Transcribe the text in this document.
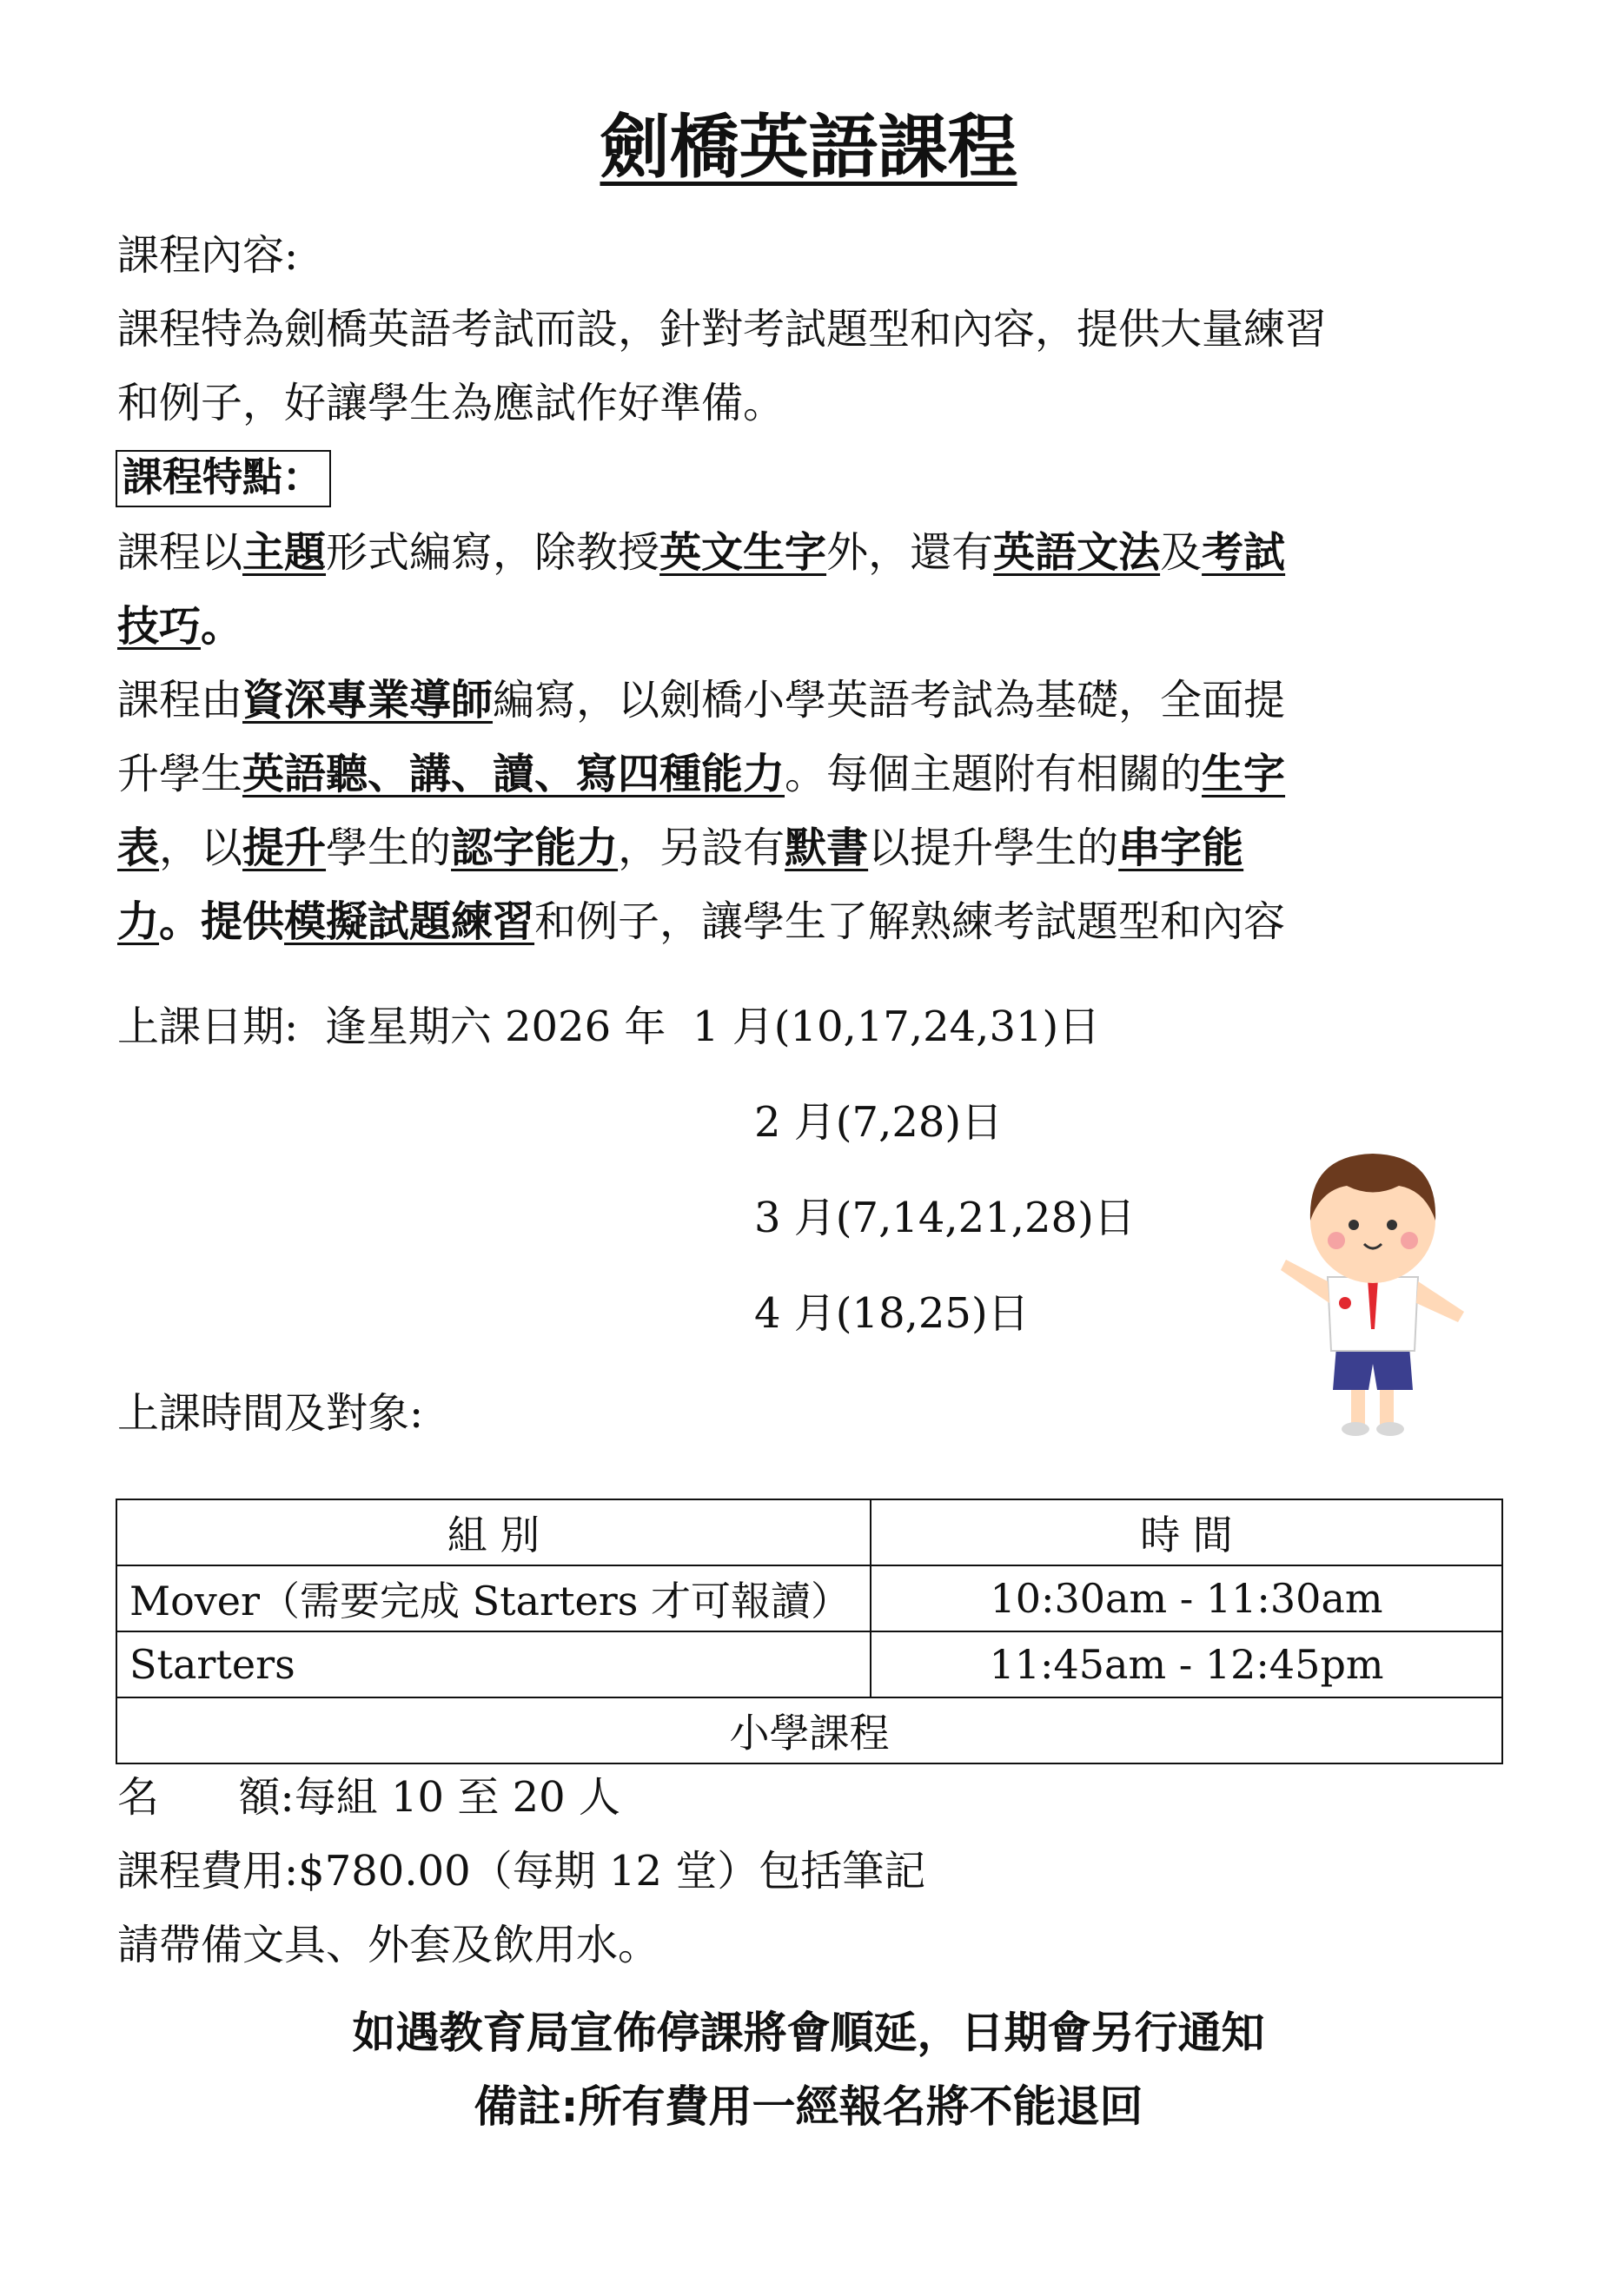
劍橋英語課程
課程內容:
課程特為劍橋英語考試而設，針對考試題型和內容，提供大量練習
和例子，好讓學生為應試作好準備。
課程特點：
課程以主題形式編寫，除教授英文生字外，還有英語文法及考試
技巧。
課程由資深專業導師編寫，以劍橋小學英語考試為基礎，全面提
升學生英語聽、講、讀、寫四種能力。每個主題附有相關的生字
表，以提升學生的認字能力，另設有默書以提升學生的串字能
力。提供模擬試題練習和例子，讓學生了解熟練考試題型和內容
上課日期: 逢星期六 2026 年 1 月(10,17,24,31)日
2 月(7,28)日
3 月(7,14,21,28)日
4 月(18,25)日
上課時間及對象:
組 別	時 間
Mover（需要完成 Starters 才可報讀）	10:30am - 11:30am
Starters	11:45am - 12:45pm
小學課程	
名      額:每組 10 至 20 人
課程費用:$780.00（每期 12 堂）包括筆記
請帶備文具、外套及飲用水。
如遇教育局宣佈停課將會順延，日期會另行通知
備註:所有費用一經報名將不能退回
